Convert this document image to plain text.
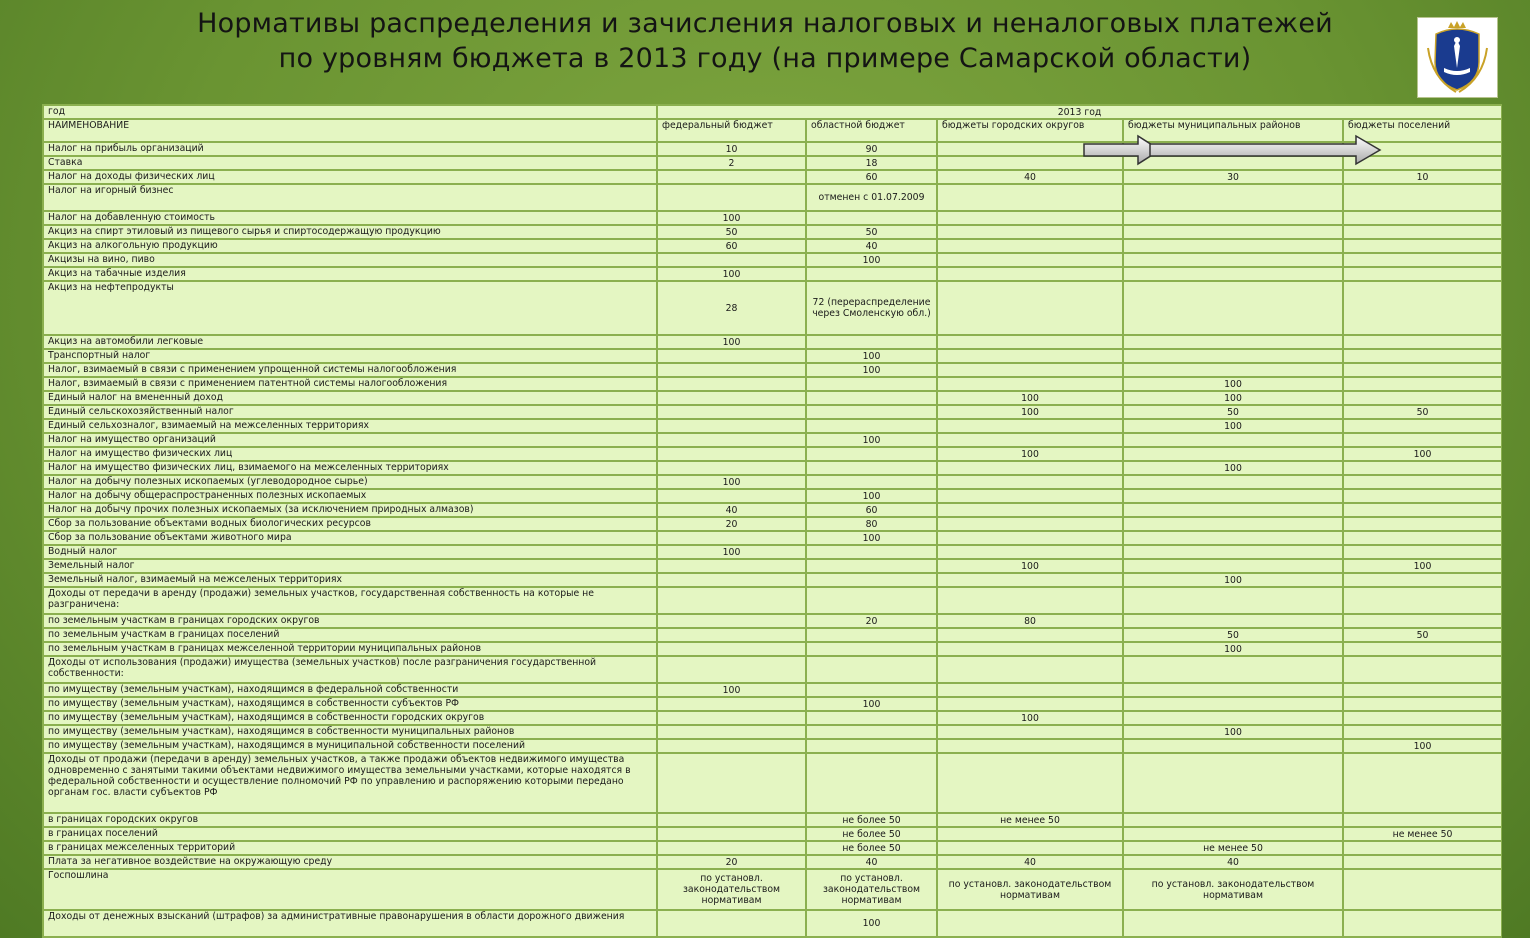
Нормативы распределения и зачисления налоговых и неналоговых платежей
по уровням бюджета в 2013 году (на примере Самарской области)
год	2013 год				
НАИМЕНОВАНИЕ	федеральный бюджет	областной бюджет	бюджеты городских округов	бюджеты муниципальных районов	бюджеты поселений
Налог на прибыль организаций	10	90			
Ставка	2	18			
Налог на доходы физических лиц		60	40	30	10
Налог на игорный бизнес		отменен с 01.07.2009			
Налог на добавленную стоимость	100				
Акциз на спирт этиловый из пищевого сырья и спиртосодержащую продукцию	50	50			
Акциз на алкогольную продукцию	60	40			
Акцизы на вино, пиво		100			
Акциз на табачные изделия	100				
Акциз на нефтепродукты	28	72 (перераспределение через Смоленскую обл.)			
Акциз на автомобили легковые	100				
Транспортный налог		100			
Налог, взимаемый в связи с применением упрощенной системы налогообложения		100			
Налог, взимаемый в связи с применением патентной системы налогообложения				100	
Единый налог на вмененный доход			100	100	
Единый сельскохозяйственный налог			100	50	50
Единый сельхозналог, взимаемый на межселенных территориях				100	
Налог на имущество организаций		100			
Налог на имущество физических лиц			100		100
Налог на имущество физических лиц, взимаемого на межселенных территориях				100	
Налог на добычу полезных ископаемых (углеводородное сырье)	100				
Налог на добычу общераспространенных полезных ископаемых		100			
Налог на добычу прочих полезных ископаемых (за исключением природных алмазов)	40	60			
Сбор за пользование объектами водных биологических ресурсов	20	80			
Сбор за пользование объектами животного мира		100			
Водный налог	100				
Земельный налог			100		100
Земельный налог, взимаемый на межселеных территориях				100	
Доходы от передачи в аренду (продажи) земельных участков, государственная собственность на которые не разграничена:					
по земельным участкам в границах городских округов		20	80		
по земельным участкам в границах поселений				50	50
по земельным участкам в границах межселенной территории муниципальных районов				100	
Доходы от использования (продажи) имущества (земельных участков) после разграничения государственной собственности:					
по имуществу (земельным участкам), находящимся в федеральной собственности	100				
по имуществу (земельным участкам), находящимся в собственности субъектов РФ		100			
по имуществу (земельным участкам), находящимся в собственности городских округов			100		
по имуществу (земельным участкам), находящимся в собственности муниципальных районов				100	
по имуществу (земельным участкам), находящимся в муниципальной собственности поселений					100
Доходы от продажи (передачи в аренду) земельных участков, а также продажи объектов недвижимого имущества одновременно с занятыми такими объектами недвижимого имущества земельными участками, которые находятся в федеральной собственности и осуществление полномочий РФ по управлению и распоряжению которыми передано органам гос. власти субъектов РФ					
в границах городских округов		не более 50	не менее 50		
в границах поселений		не более 50			не менее 50
в границах межселенных территорий		не более 50		не менее 50	
Плата за негативное воздействие на окружающую среду	20	40	40	40	
Госпошлина	по установл. законодательством нормативам	по установл. законодательством нормативам	по установл. законодательством нормативам	по установл. законодательством нормативам	
Доходы от денежных взысканий (штрафов) за административные правонарушения в области дорожного движения		100			
